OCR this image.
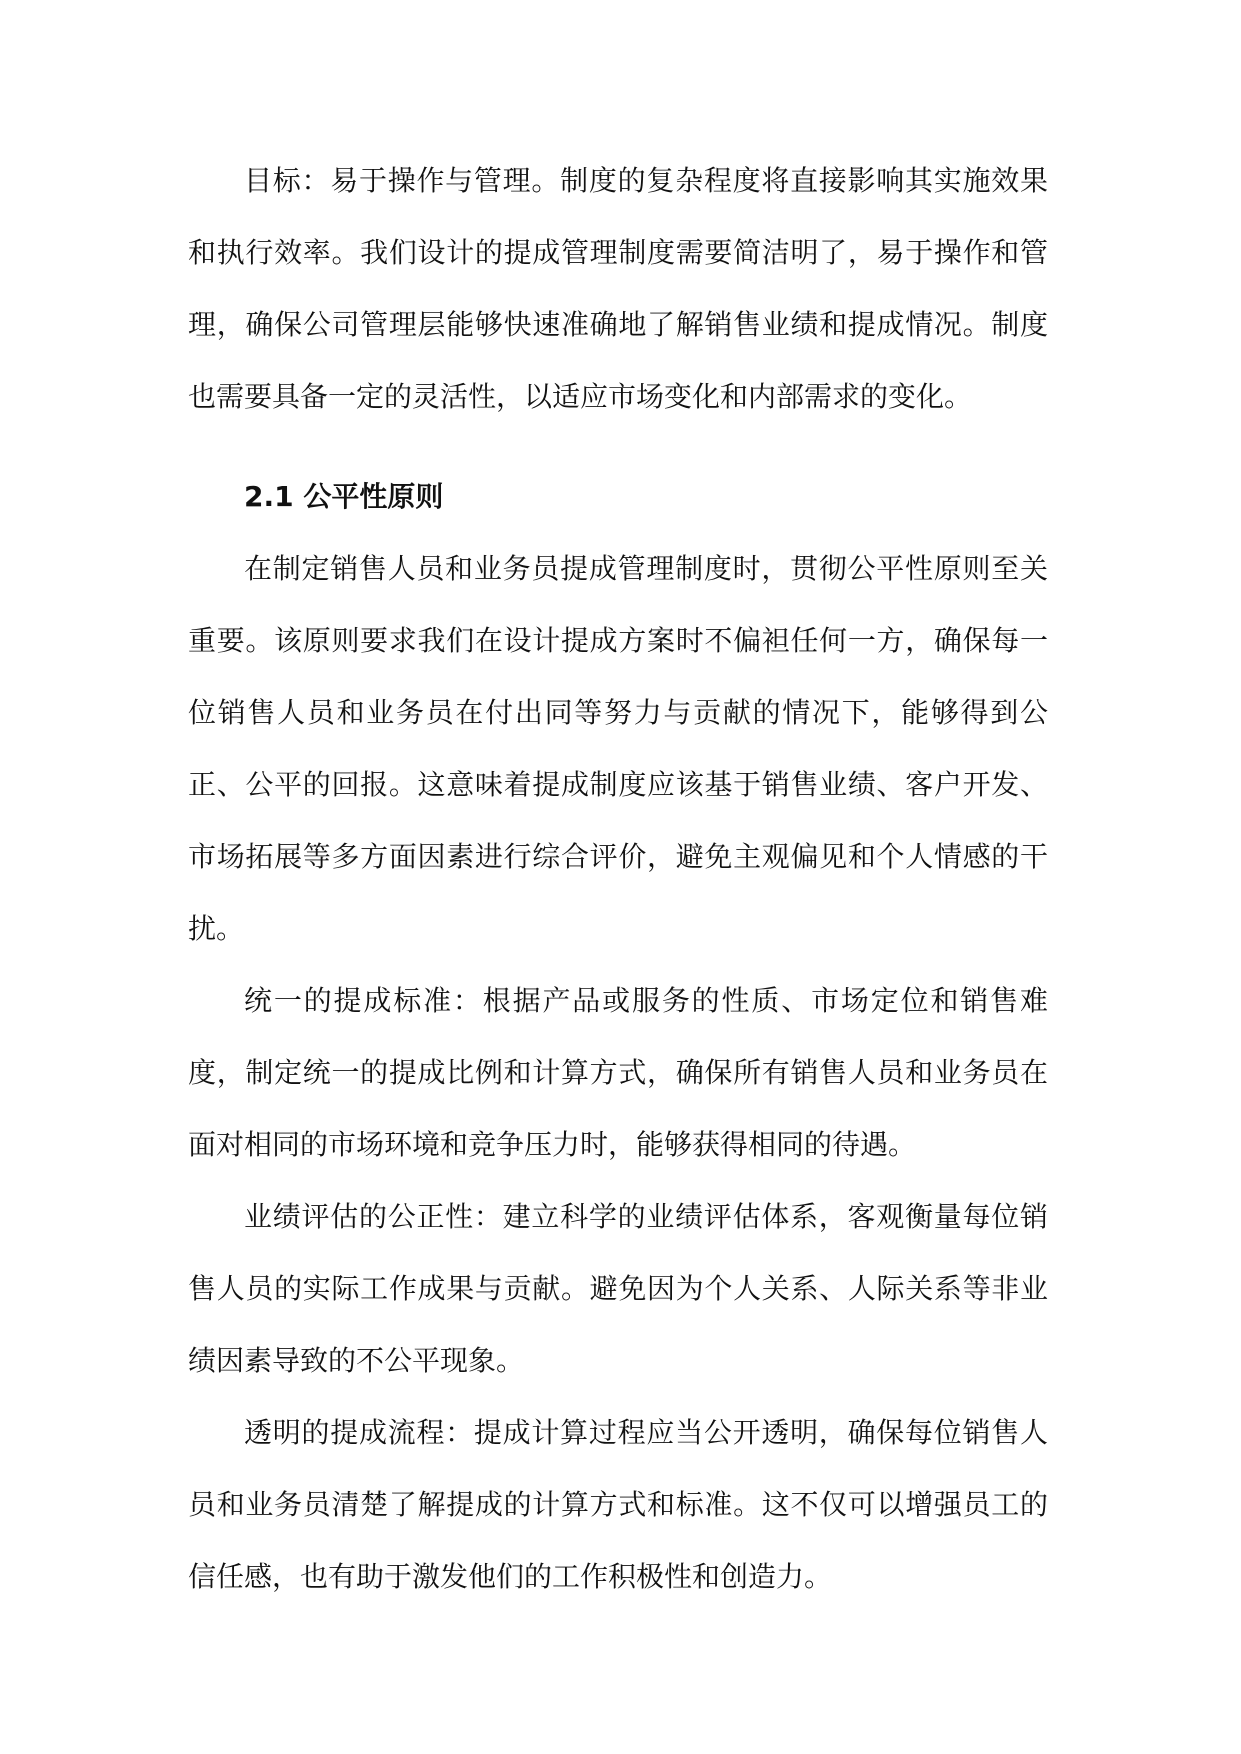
目标：易于操作与管理。制度的复杂程度将直接影响其实施效果和执行效率。我们设计的提成管理制度需要简洁明了，易于操作和管理，确保公司管理层能够快速准确地了解销售业绩和提成情况。制度也需要具备一定的灵活性，以适应市场变化和内部需求的变化。

2.1 公平性原则

在制定销售人员和业务员提成管理制度时，贯彻公平性原则至关重要。该原则要求我们在设计提成方案时不偏袒任何一方，确保每一位销售人员和业务员在付出同等努力与贡献的情况下，能够得到公正、公平的回报。这意味着提成制度应该基于销售业绩、客户开发、市场拓展等多方面因素进行综合评价，避免主观偏见和个人情感的干扰。

统一的提成标准：根据产品或服务的性质、市场定位和销售难度，制定统一的提成比例和计算方式，确保所有销售人员和业务员在面对相同的市场环境和竞争压力时，能够获得相同的待遇。

业绩评估的公正性：建立科学的业绩评估体系，客观衡量每位销售人员的实际工作成果与贡献。避免因为个人关系、人际关系等非业绩因素导致的不公平现象。

透明的提成流程：提成计算过程应当公开透明，确保每位销售人员和业务员清楚了解提成的计算方式和标准。这不仅可以增强员工的信任感，也有助于激发他们的工作积极性和创造力。
